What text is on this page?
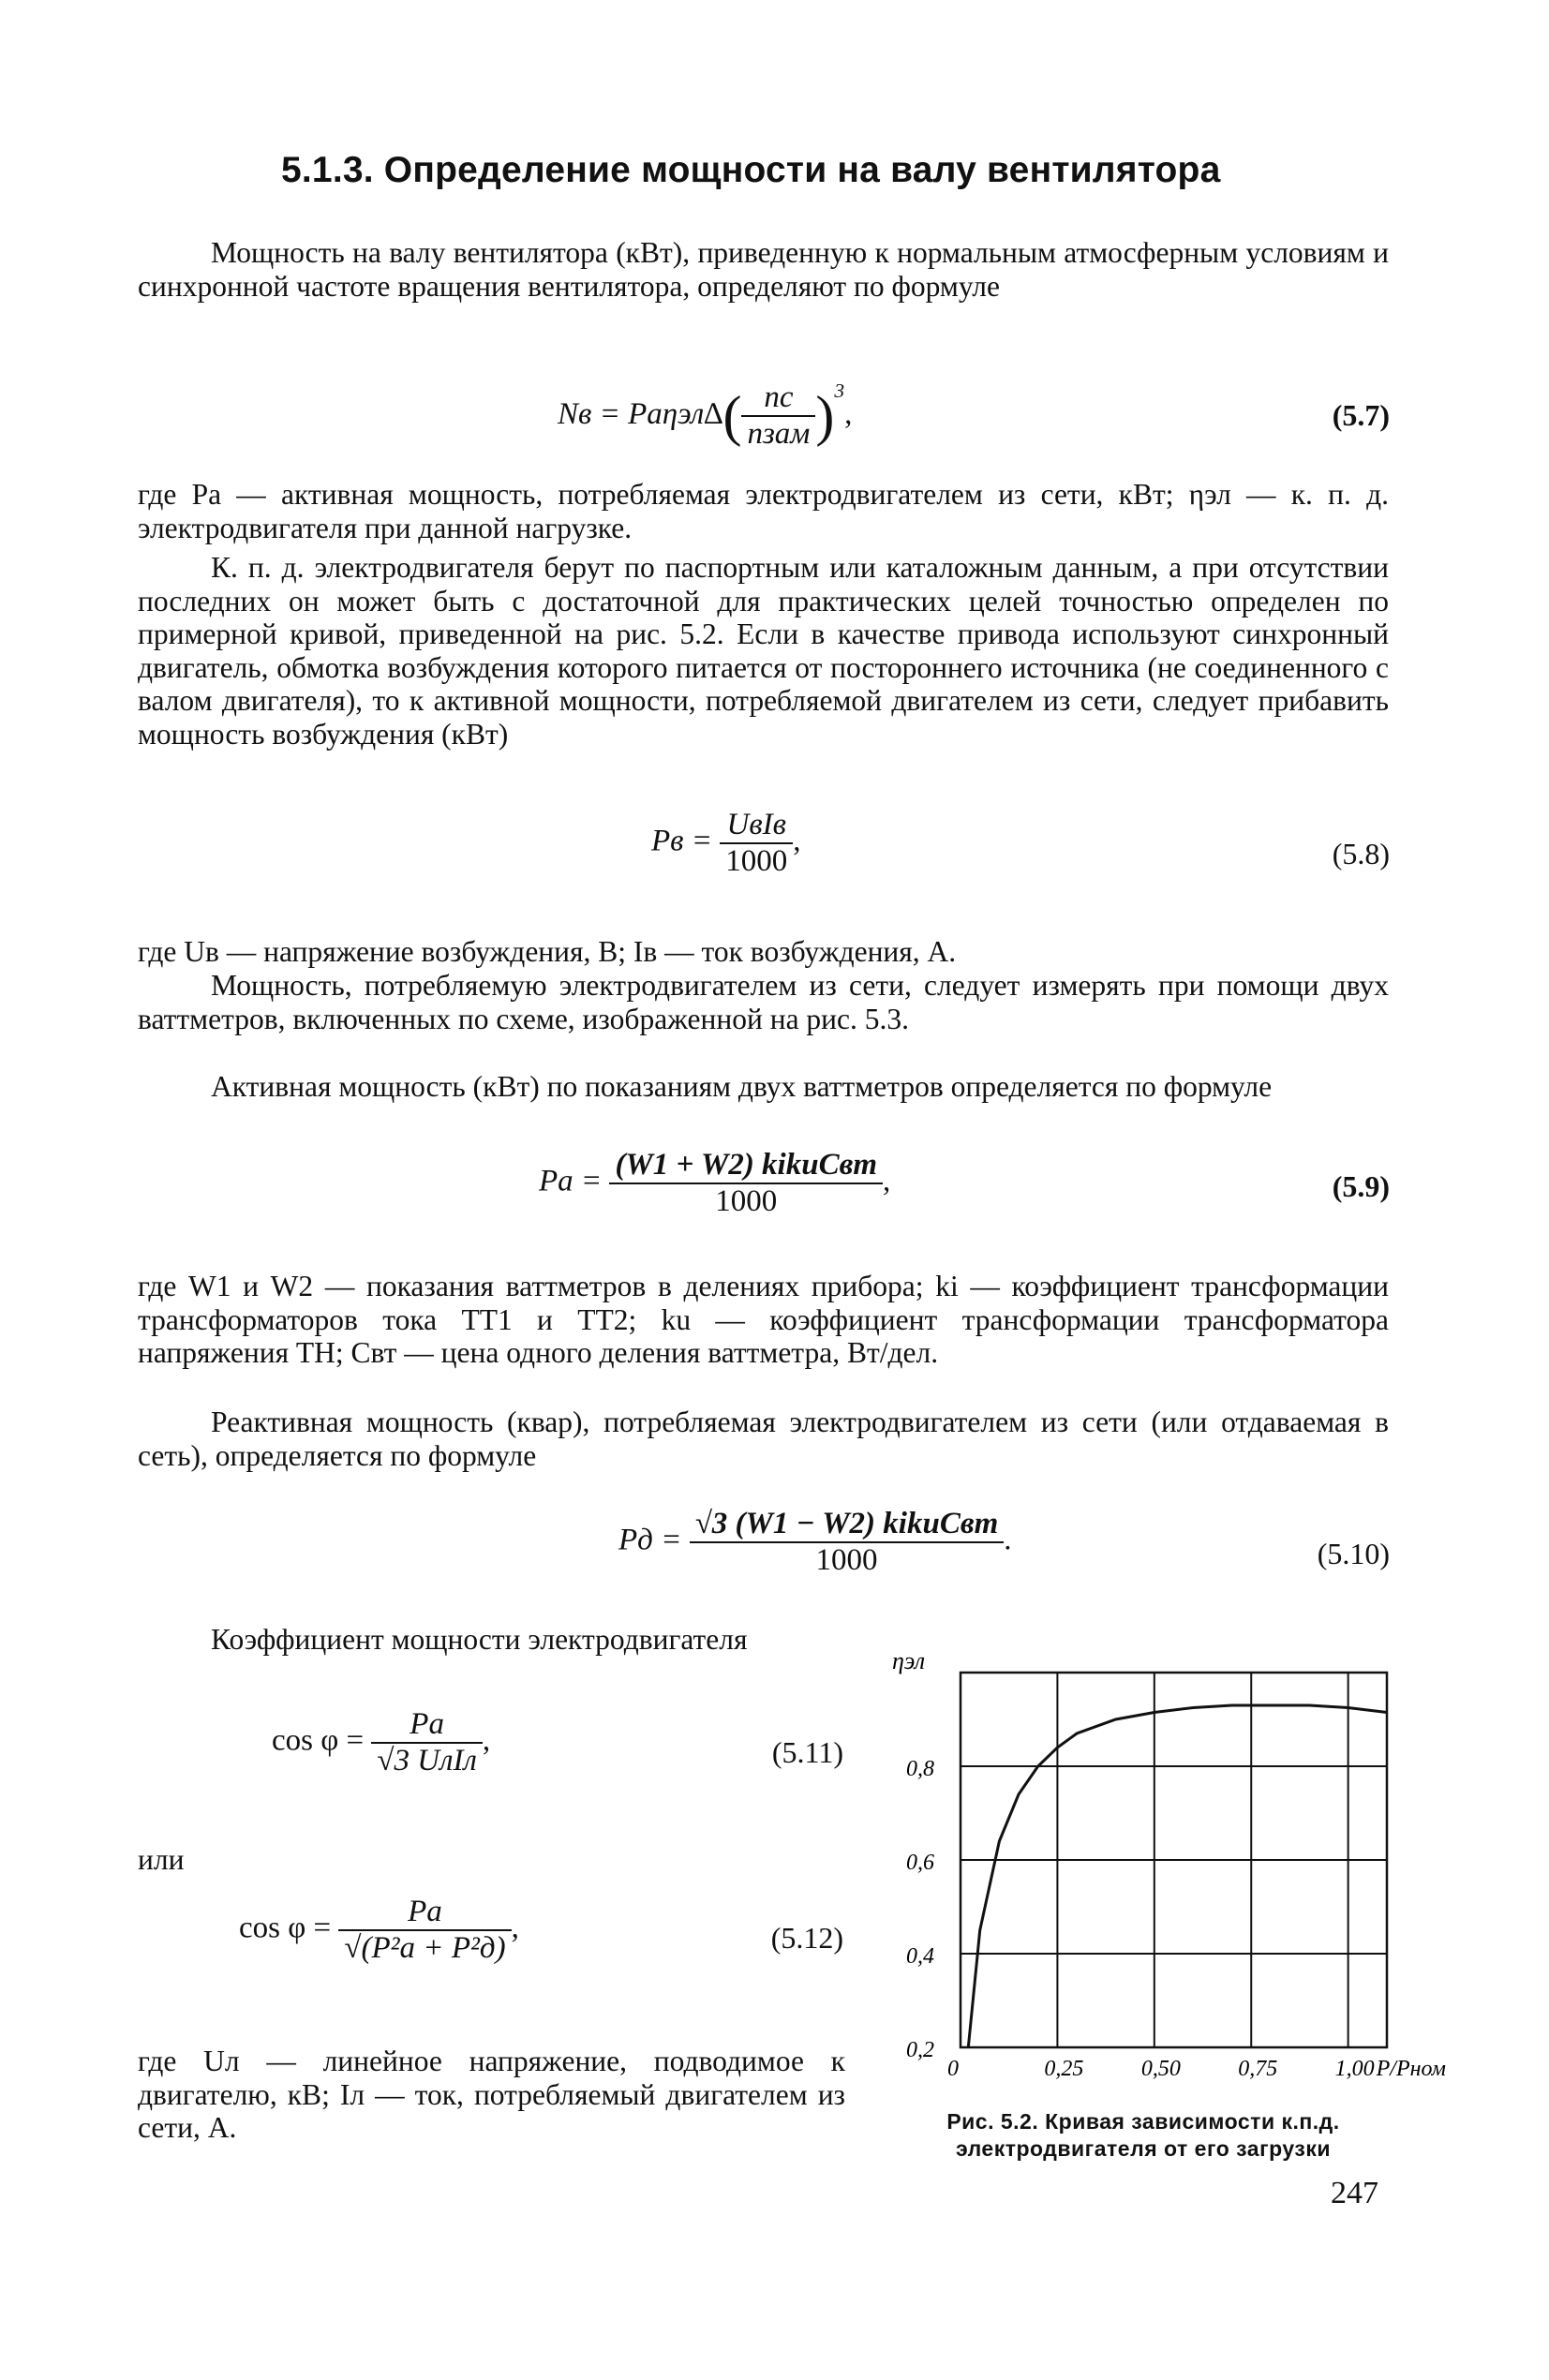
5.1.3. Определение мощности на валу вентилятора
Мощность на валу вентилятора (кВт), приведенную к нормальным атмосферным условиям и синхронной частоте вращения вентилятора, определяют по формуле
Nв = $Pа\eta эл\Delta( \frac{nс}{\text{nзам}} )^3$,	(5.7)
где Pа — активная мощность, потребляемая электродвигателем из сети, кВт; ηэл — к. п. д. электродвигателя при данной нагрузке.
К. п. д. электродвигателя берут по паспортным или каталожным данным, а при отсутствии последних он может быть с достаточной для практических целей точностью определен по примерной кривой, приведенной на рис. 5.2. Если в качестве привода используют синхронный двигатель, обмотка возбуждения которого питается от постороннего источника (не соединенного с валом двигателя), то к активной мощности, потребляемой двигателем из сети, следует прибавить мощность возбуждения (кВт)
Pв = $\frac{\text{UвIв}}{1000}$ ,	(5.8)
где Uв — напряжение возбуждения, В; Iв — ток возбуждения, А.
Мощность, потребляемую электродвигателем из сети, следует измерять при помощи двух ваттметров, включенных по схеме, изображенной на рис. 5.3.
Активная мощность (кВт) по показаниям двух ваттметров определяется по формуле
Pа = $\frac{\text{(W1 + W2) kikuCвт}}{1000}$ ,	(5.9)
где W1 и W2 — показания ваттметров в делениях прибора; ki — коэффициент трансформации трансформаторов тока ТТ1 и ТТ2; ku — коэффициент трансформации трансформатора напряжения ТН; Cвт — цена одного деления ваттметра, Вт/дел.
Реактивная мощность (квар), потребляемая электродвигателем из сети (или отдаваемая в сеть), определяется по формуле
Pд = $\frac{\text{√3 (W1 − W2) kikuCвт}}{1000}$ .	(5.10)
Коэффициент мощности электродвигателя
$\cos \varphi = \frac{Pа}{\text{√3 UлIл}}$ ,	(5.11)
или
$\cos \varphi = \frac{Pа}{\text{√(P²а + P²д)}}$ ,	(5.12)
где Uл — линейное напряжение, подводимое к двигателю, кВ; Iл — ток, потребляемый двигателем из сети, А.
ηэл
P/Pном
0,2
0,4
0,6
0,8
0	0,25	0,50	0,75	1,00
Рис. 5.2. Кривая зависимости к.п.д. электродвигателя от его загрузки
247
